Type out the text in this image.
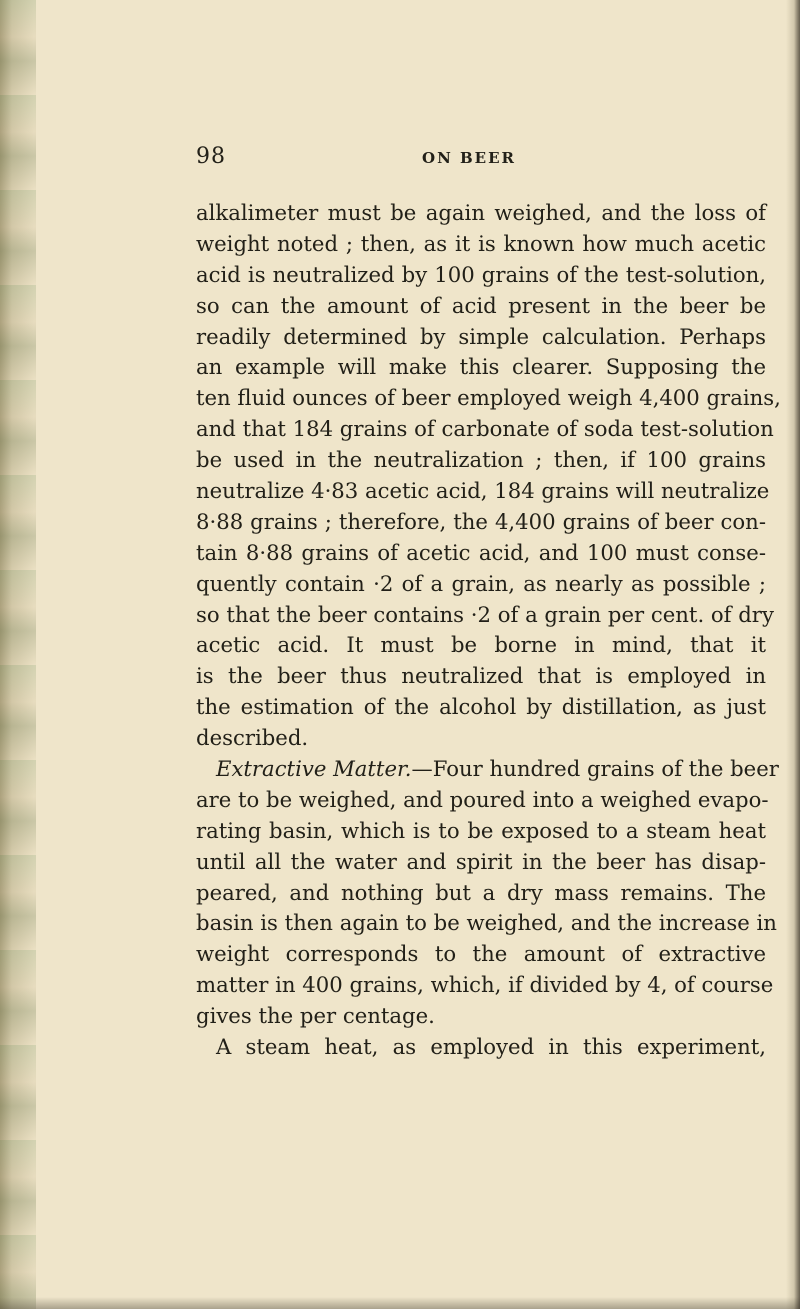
98	ON BEER
alkalimeter must be again weighed, and the loss of
weight noted ; then, as it is known how much acetic
acid is neutralized by 100 grains of the test-solution,
so can the amount of acid present in the beer be
readily determined by simple calculation. Perhaps
an example will make this clearer. Supposing the
ten fluid ounces of beer employed weigh 4,400 grains,
and that 184 grains of carbonate of soda test-solution
be used in the neutralization ; then, if 100 grains
neutralize 4·83 acetic acid, 184 grains will neutralize
8·88 grains ; therefore, the 4,400 grains of beer con-
tain 8·88 grains of acetic acid, and 100 must conse-
quently contain ·2 of a grain, as nearly as possible ;
so that the beer contains ·2 of a grain per cent. of dry
acetic acid. It must be borne in mind, that it
is the beer thus neutralized that is employed in
the estimation of the alcohol by distillation, as just
described.
Extractive Matter.—Four hundred grains of the beer
are to be weighed, and poured into a weighed evapo-
rating basin, which is to be exposed to a steam heat
until all the water and spirit in the beer has disap-
peared, and nothing but a dry mass remains. The
basin is then again to be weighed, and the increase in
weight corresponds to the amount of extractive
matter in 400 grains, which, if divided by 4, of course
gives the per centage.
A steam heat, as employed in this experiment,
